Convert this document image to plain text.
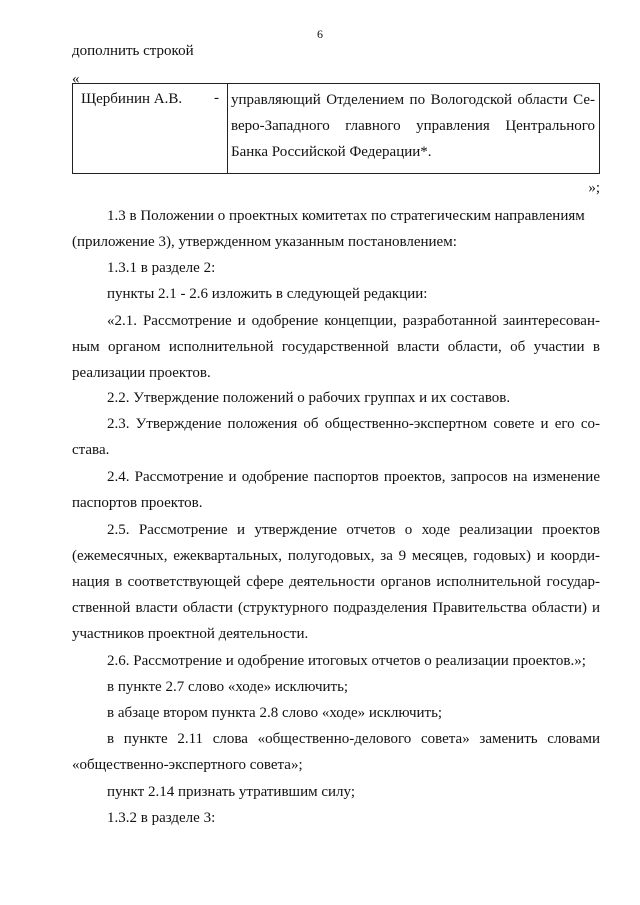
6
дополнить строкой
«
Щербинин А.В. - управляющий Отделением по Вологодской области Се-
веро-Западного главного управления Центрального
Банка Российской Федерации*.
»;
1.3 в Положении о проектных комитетах по стратегическим направлениям
(приложение 3), утвержденном указанным постановлением:
1.3.1 в разделе 2:
пункты 2.1 - 2.6 изложить в следующей редакции:
«2.1. Рассмотрение и одобрение концепции, разработанной заинтересован-
ным органом исполнительной государственной власти области, об участии в
реализации проектов.
2.2. Утверждение положений о рабочих группах и их составов.
2.3. Утверждение положения об общественно-экспертном совете и его со-
става.
2.4. Рассмотрение и одобрение паспортов проектов, запросов на изменение
паспортов проектов.
2.5. Рассмотрение и утверждение отчетов о ходе реализации проектов
(ежемесячных, ежеквартальных, полугодовых, за 9 месяцев, годовых) и коорди-
нация в соответствующей сфере деятельности органов исполнительной государ-
ственной власти области (структурного подразделения Правительства области) и
участников проектной деятельности.
2.6. Рассмотрение и одобрение итоговых отчетов о реализации проектов.»;
в пункте 2.7 слово «ходе» исключить;
в абзаце втором пункта 2.8 слово «ходе» исключить;
в пункте 2.11 слова «общественно-делового совета» заменить словами
«общественно-экспертного совета»;
пункт 2.14 признать утратившим силу;
1.3.2 в разделе 3:
